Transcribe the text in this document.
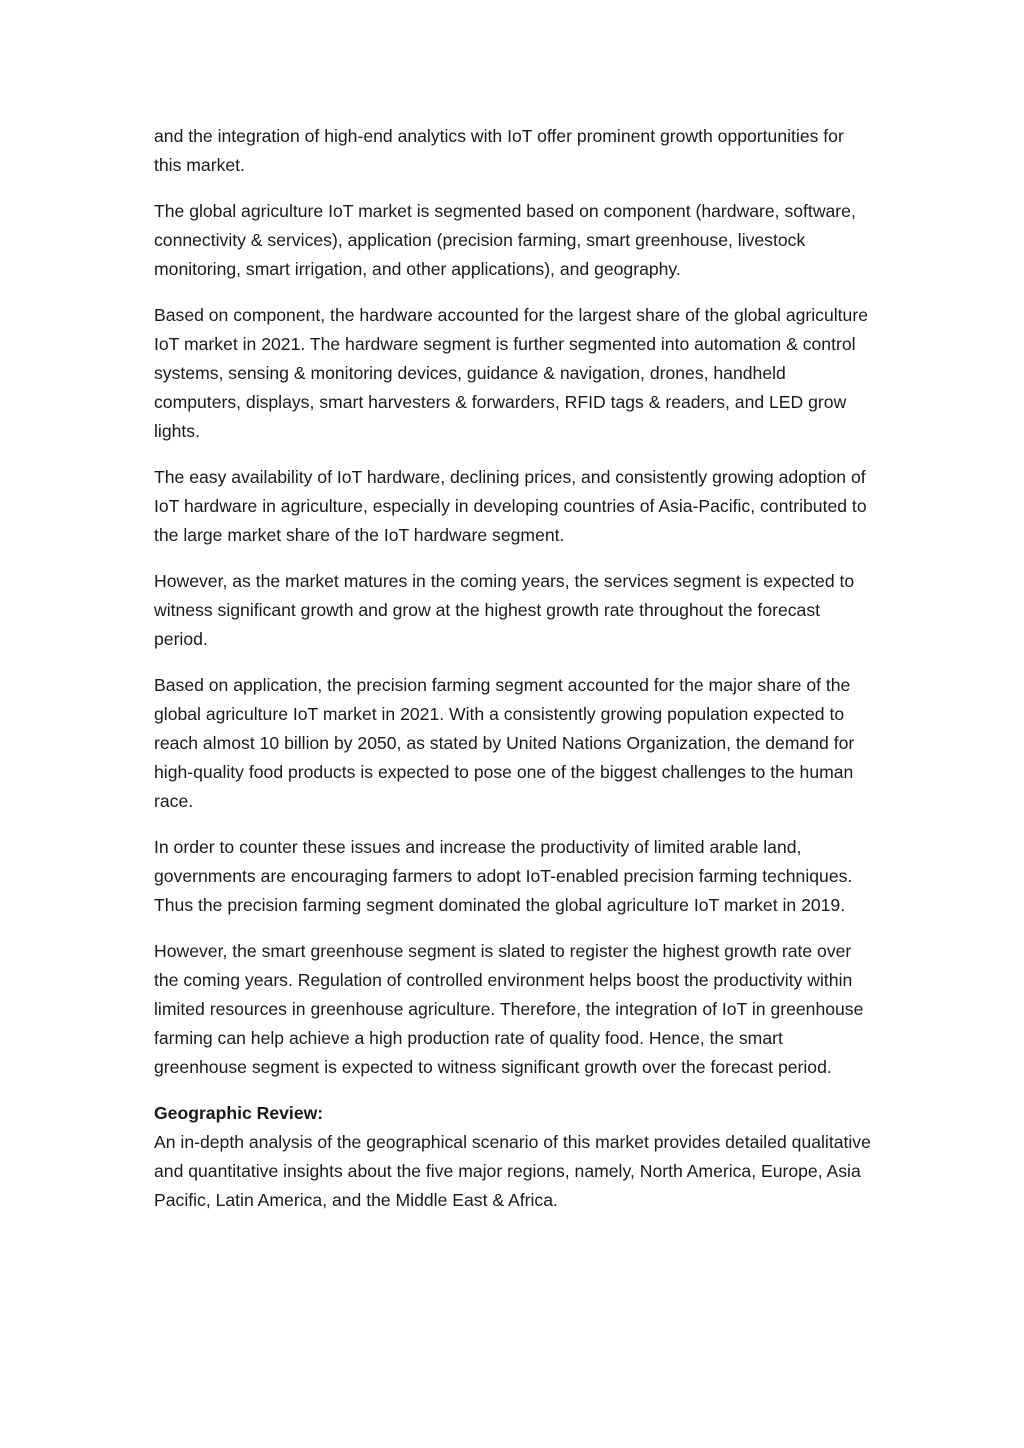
and the integration of high-end analytics with IoT offer prominent growth opportunities for this market.

The global agriculture IoT market is segmented based on component (hardware, software, connectivity & services), application (precision farming, smart greenhouse, livestock monitoring, smart irrigation, and other applications), and geography.

Based on component, the hardware accounted for the largest share of the global agriculture IoT market in 2021. The hardware segment is further segmented into automation & control systems, sensing & monitoring devices, guidance & navigation, drones, handheld computers, displays, smart harvesters & forwarders, RFID tags & readers, and LED grow lights.

The easy availability of IoT hardware, declining prices, and consistently growing adoption of IoT hardware in agriculture, especially in developing countries of Asia-Pacific, contributed to the large market share of the IoT hardware segment.

However, as the market matures in the coming years, the services segment is expected to witness significant growth and grow at the highest growth rate throughout the forecast period.

Based on application, the precision farming segment accounted for the major share of the global agriculture IoT market in 2021. With a consistently growing population expected to reach almost 10 billion by 2050, as stated by United Nations Organization, the demand for high-quality food products is expected to pose one of the biggest challenges to the human race.

In order to counter these issues and increase the productivity of limited arable land, governments are encouraging farmers to adopt IoT-enabled precision farming techniques. Thus the precision farming segment dominated the global agriculture IoT market in 2019.

However, the smart greenhouse segment is slated to register the highest growth rate over the coming years. Regulation of controlled environment helps boost the productivity within limited resources in greenhouse agriculture. Therefore, the integration of IoT in greenhouse farming can help achieve a high production rate of quality food. Hence, the smart greenhouse segment is expected to witness significant growth over the forecast period.

Geographic Review:

An in-depth analysis of the geographical scenario of this market provides detailed qualitative and quantitative insights about the five major regions, namely, North America, Europe, Asia Pacific, Latin America, and the Middle East & Africa.
